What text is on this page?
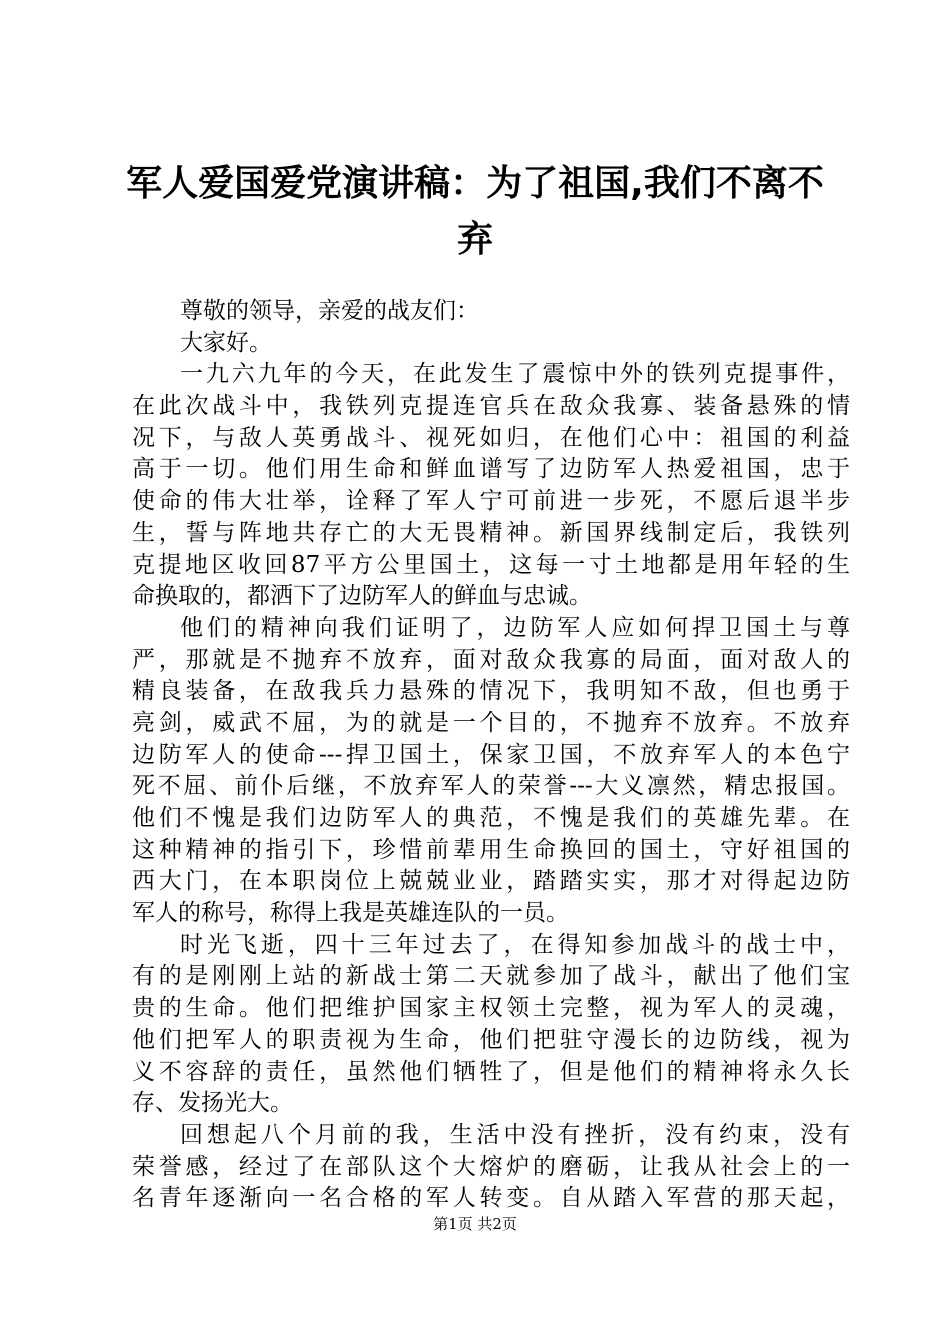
军人爱国爱党演讲稿：为了祖国,我们不离不
弃
尊敬的领导，亲爱的战友们：
大家好。
一九六九年的今天，在此发生了震惊中外的铁列克提事件，
在此次战斗中，我铁列克提连官兵在敌众我寡、装备悬殊的情
况下，与敌人英勇战斗、视死如归，在他们心中：祖国的利益
高于一切。他们用生命和鲜血谱写了边防军人热爱祖国，忠于
使命的伟大壮举，诠释了军人宁可前进一步死，不愿后退半步
生，誓与阵地共存亡的大无畏精神。新国界线制定后，我铁列
克提地区收回87平方公里国土，这每一寸土地都是用年轻的生
命换取的，都洒下了边防军人的鲜血与忠诚。
他们的精神向我们证明了，边防军人应如何捍卫国土与尊
严，那就是不抛弃不放弃，面对敌众我寡的局面，面对敌人的
精良装备，在敌我兵力悬殊的情况下，我明知不敌，但也勇于
亮剑，威武不屈，为的就是一个目的，不抛弃不放弃。不放弃
边防军人的使命---捍卫国土，保家卫国，不放弃军人的本色宁
死不屈、前仆后继，不放弃军人的荣誉---大义凛然，精忠报国。
他们不愧是我们边防军人的典范，不愧是我们的英雄先辈。在
这种精神的指引下，珍惜前辈用生命换回的国土，守好祖国的
西大门，在本职岗位上兢兢业业，踏踏实实，那才对得起边防
军人的称号，称得上我是英雄连队的一员。
时光飞逝，四十三年过去了，在得知参加战斗的战士中，
有的是刚刚上站的新战士第二天就参加了战斗，献出了他们宝
贵的生命。他们把维护国家主权领土完整，视为军人的灵魂，
他们把军人的职责视为生命，他们把驻守漫长的边防线，视为
义不容辞的责任，虽然他们牺牲了，但是他们的精神将永久长
存、发扬光大。
回想起八个月前的我，生活中没有挫折，没有约束，没有
荣誉感，经过了在部队这个大熔炉的磨砺，让我从社会上的一
名青年逐渐向一名合格的军人转变。自从踏入军营的那天起，
第1页 共2页
